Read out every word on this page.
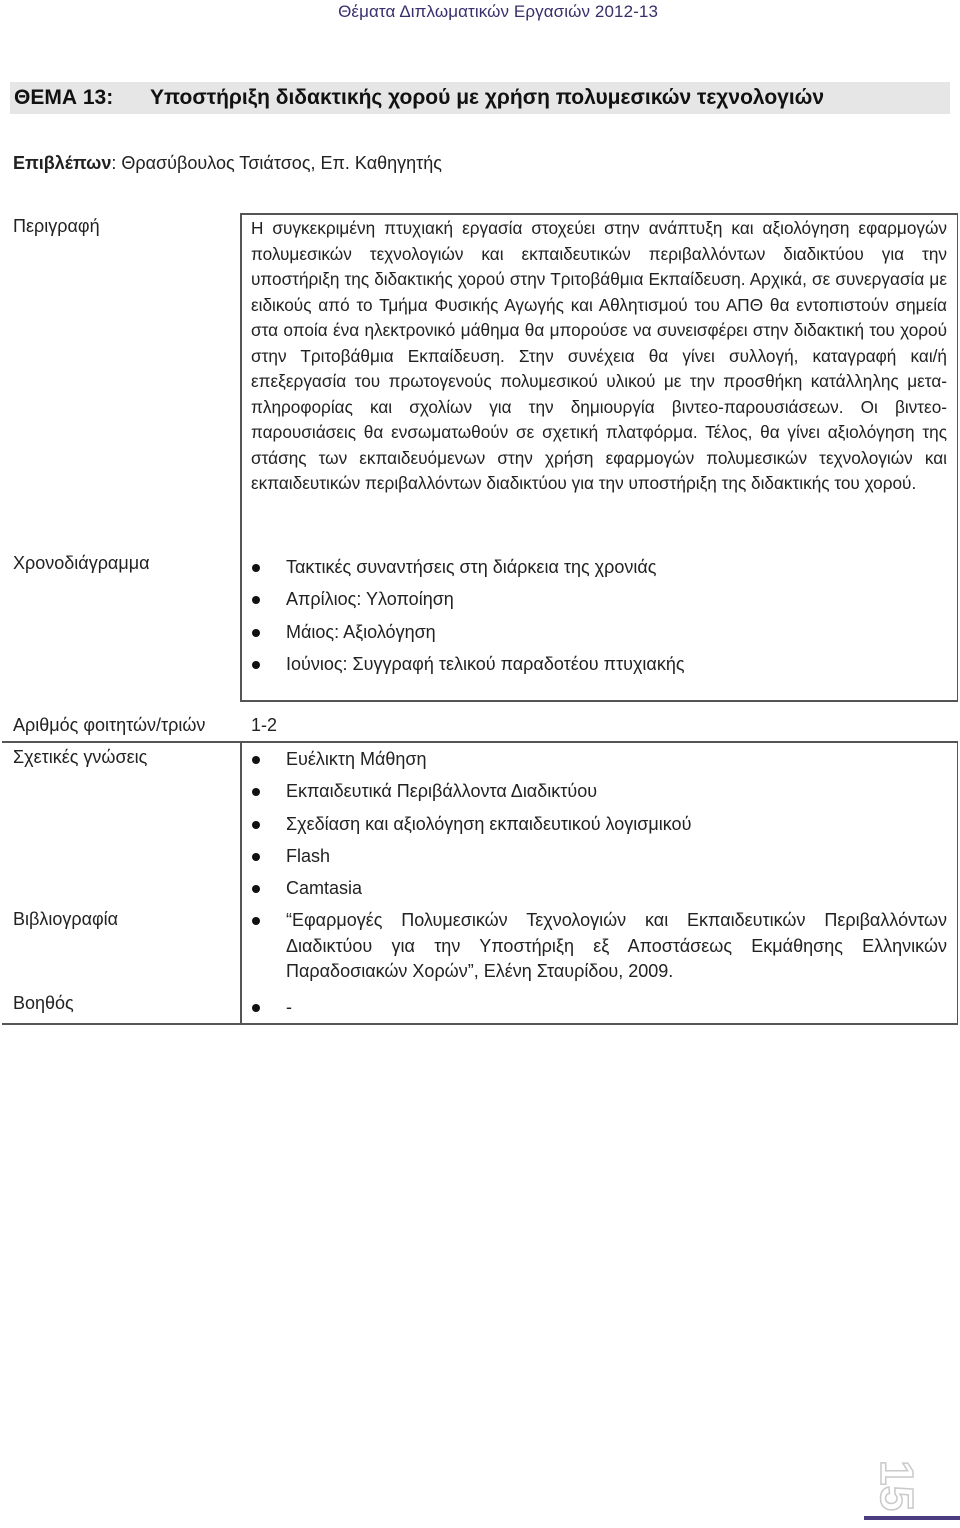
Θέματα Διπλωματικών Εργασιών 2012-13
ΘΕΜΑ 13: Υποστήριξη διδακτικής χορού με χρήση πολυμεσικών τεχνολογιών
Επιβλέπων: Θρασύβουλος Τσιάτσος, Επ. Καθηγητής
Περιγραφή	Η συγκεκριμένη πτυχιακή εργασία στοχεύει στην ανάπτυξη και αξιολόγηση εφαρμογών πολυμεσικών τεχνολογιών και εκπαιδευτικών περιβαλλόντων διαδικτύου για την υποστήριξη της διδακτικής χορού στην Τριτοβάθμια Εκπαίδευση. Αρχικά, σε συνεργασία με ειδικούς από το Τμήμα Φυσικής Αγωγής και Αθλητισμού του ΑΠΘ θα εντοπιστούν σημεία στα οποία ένα ηλεκτρονικό μάθημα θα μπορούσε να συνεισφέρει στην διδακτική του χορού στην Τριτοβάθμια Εκπαίδευση. Στην συνέχεια θα γίνει συλλογή, καταγραφή και/ή επεξεργασία του πρωτογενούς πολυμεσικού υλικού με την προσθήκη κατάλληλης μετα-πληροφορίας και σχολίων για την δημιουργία βιντεο-παρουσιάσεων. Οι βιντεο-παρουσιάσεις θα ενσωματωθούν σε σχετική πλατφόρμα. Τέλος, θα γίνει αξιολόγηση της στάσης των εκπαιδευόμενων στην χρήση εφαρμογών πολυμεσικών τεχνολογιών και εκπαιδευτικών περιβαλλόντων διαδικτύου για την υποστήριξη της διδακτικής του χορού.
Χρονοδιάγραμμα	Τακτικές συναντήσεις στη διάρκεια της χρονιάς
Απρίλιος: Υλοποίηση
Μάιος: Αξιολόγηση
Ιούνιος: Συγγραφή τελικού παραδοτέου πτυχιακής
Αριθμός φοιτητών/τριών	1-2
Σχετικές γνώσεις	Ευέλικτη Μάθηση
Εκπαιδευτικά Περιβάλλοντα Διαδικτύου
Σχεδίαση και αξιολόγηση εκπαιδευτικού λογισμικού
Flash
Camtasia
Βιβλιογραφία	“Εφαρμογές Πολυμεσικών Τεχνολογιών και Εκπαιδευτικών Περιβαλλόντων Διαδικτύου για την Υποστήριξη εξ Αποστάσεως Εκμάθησης Ελληνικών Παραδοσιακών Χορών”, Ελένη Σταυρίδου, 2009.
Βοηθός	-
15
